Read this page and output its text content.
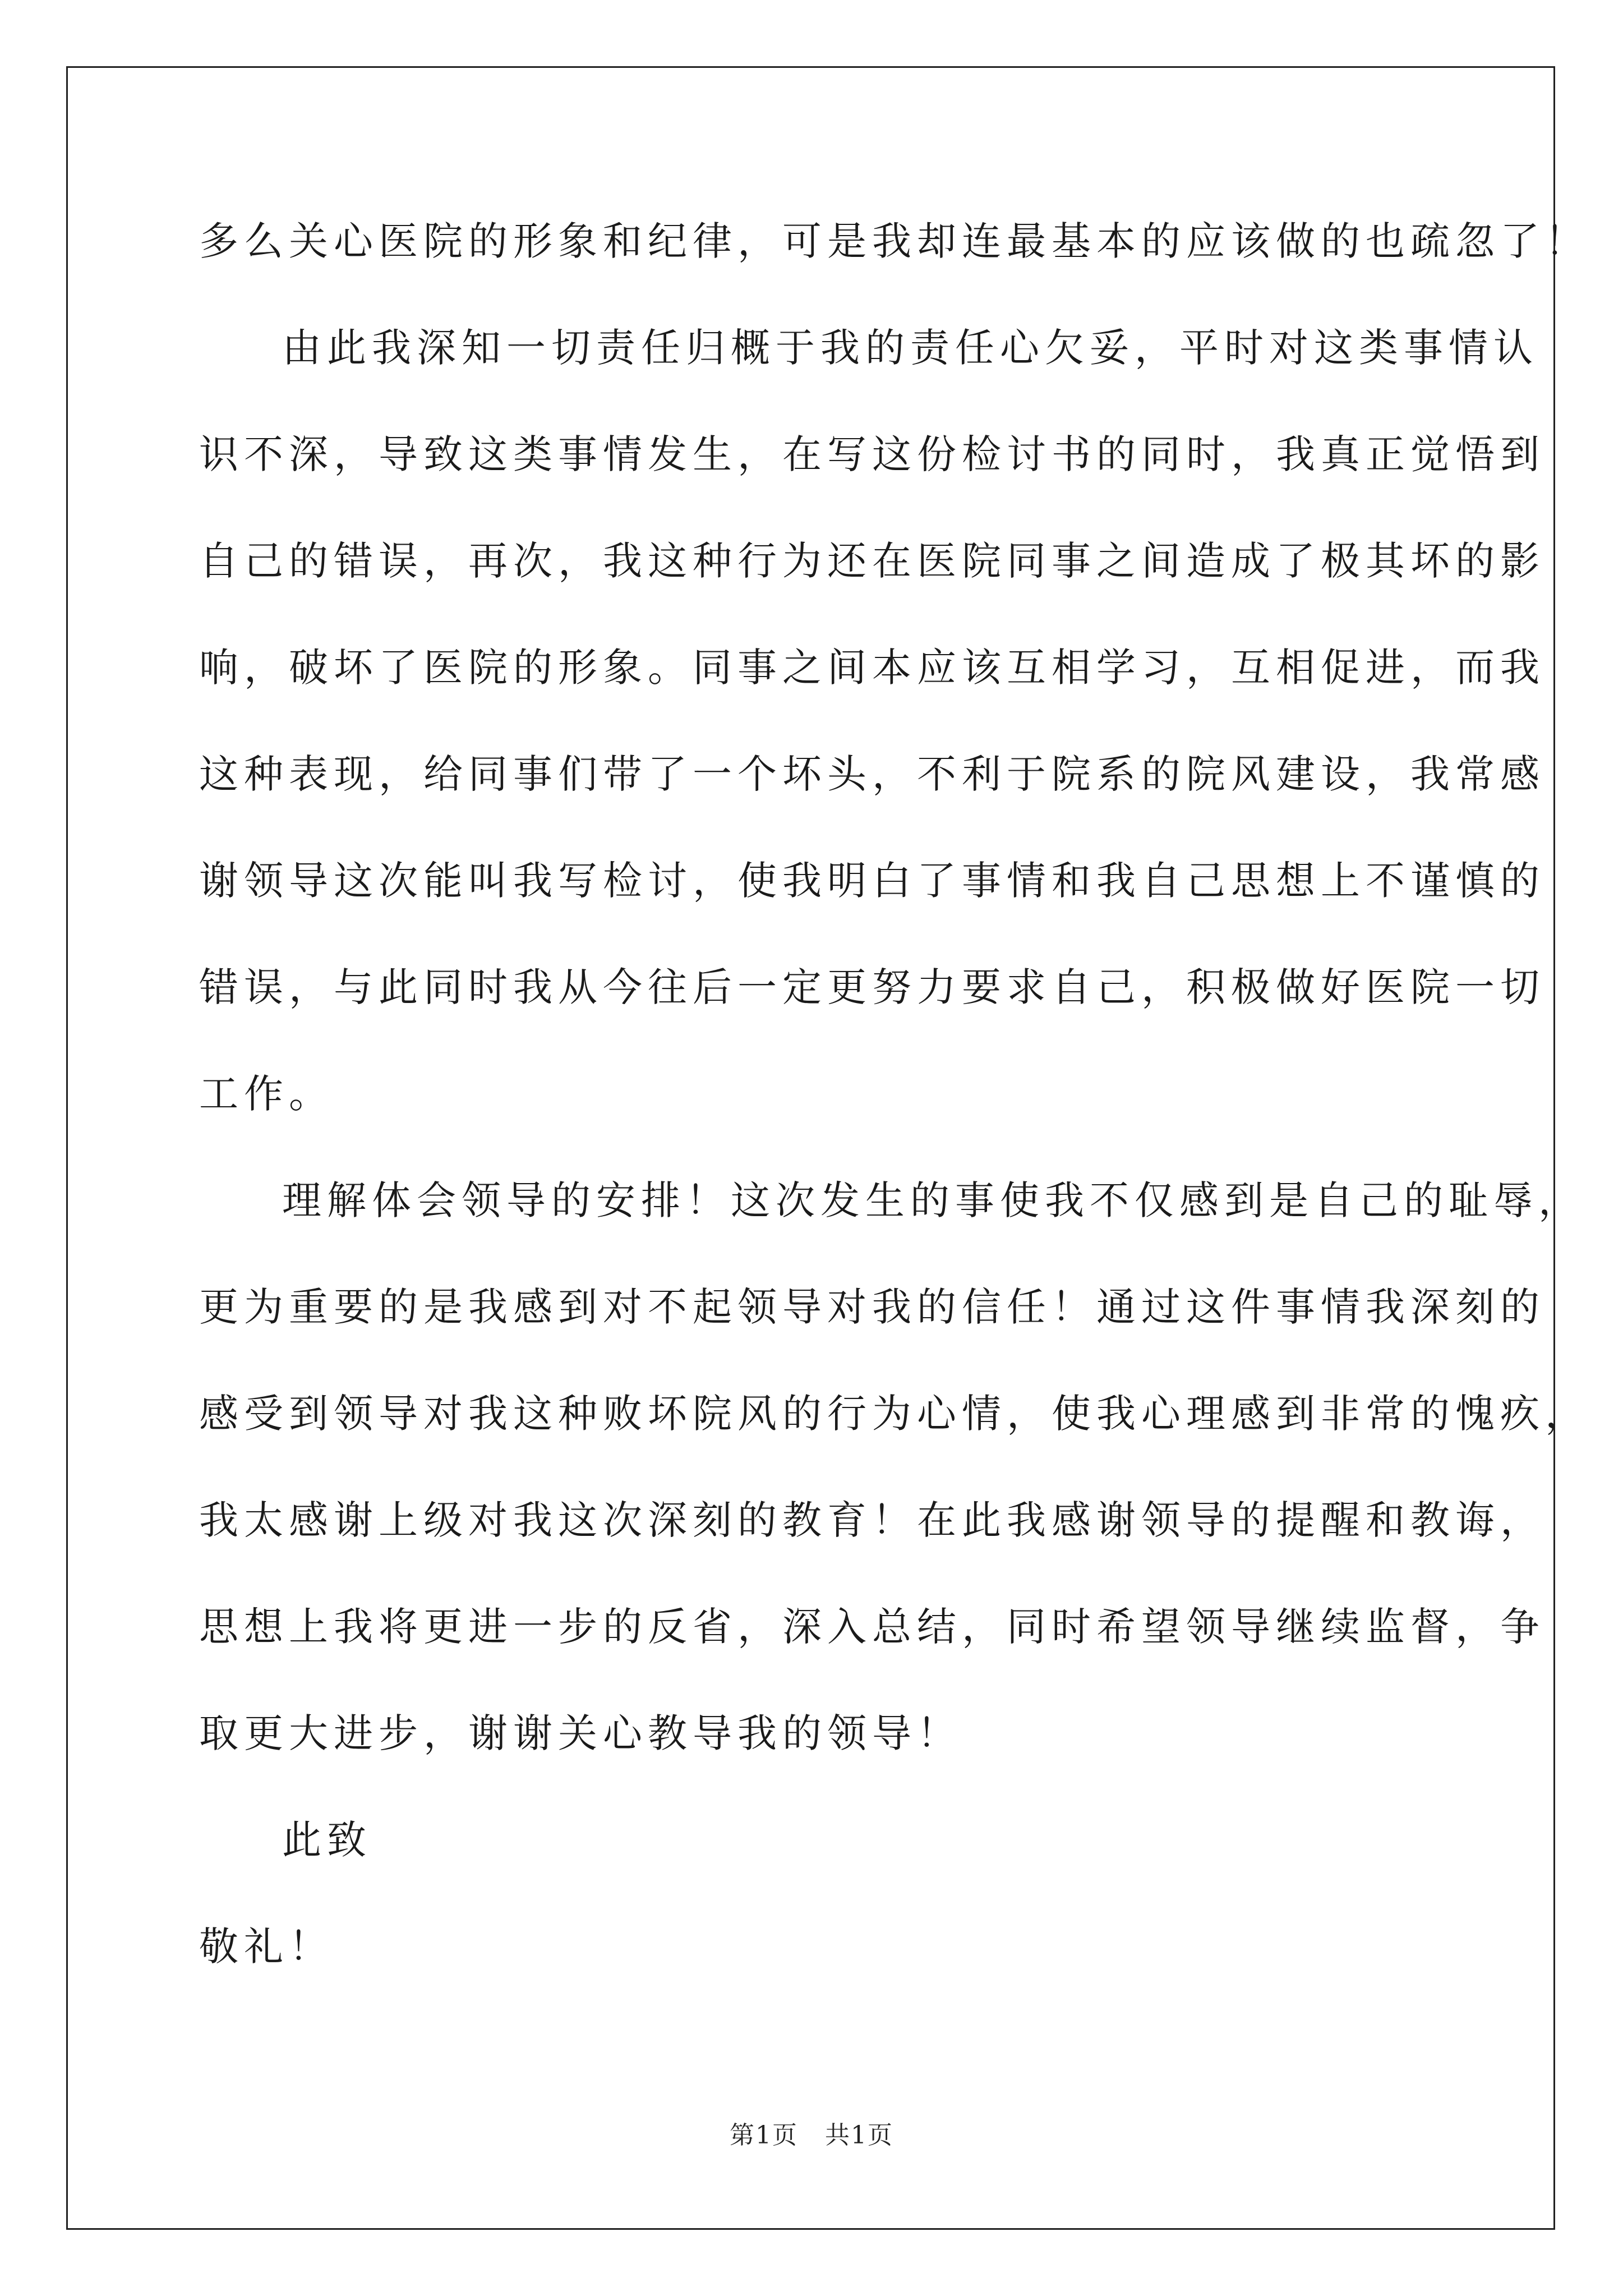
多么关心医院的形象和纪律，可是我却连最基本的应该做的也疏忽了！
由此我深知一切责任归概于我的责任心欠妥，平时对这类事情认
识不深，导致这类事情发生，在写这份检讨书的同时，我真正觉悟到
自己的错误，再次，我这种行为还在医院同事之间造成了极其坏的影
响，破坏了医院的形象。同事之间本应该互相学习，互相促进，而我
这种表现，给同事们带了一个坏头，不利于院系的院风建设，我常感
谢领导这次能叫我写检讨，使我明白了事情和我自己思想上不谨慎的
错误，与此同时我从今往后一定更努力要求自己，积极做好医院一切
工作。
理解体会领导的安排！这次发生的事使我不仅感到是自己的耻辱，
更为重要的是我感到对不起领导对我的信任！通过这件事情我深刻的
感受到领导对我这种败坏院风的行为心情，使我心理感到非常的愧疚，
我太感谢上级对我这次深刻的教育！在此我感谢领导的提醒和教诲，
思想上我将更进一步的反省，深入总结，同时希望领导继续监督，争
取更大进步，谢谢关心教导我的领导！
此致
敬礼！
第1页 共1页
